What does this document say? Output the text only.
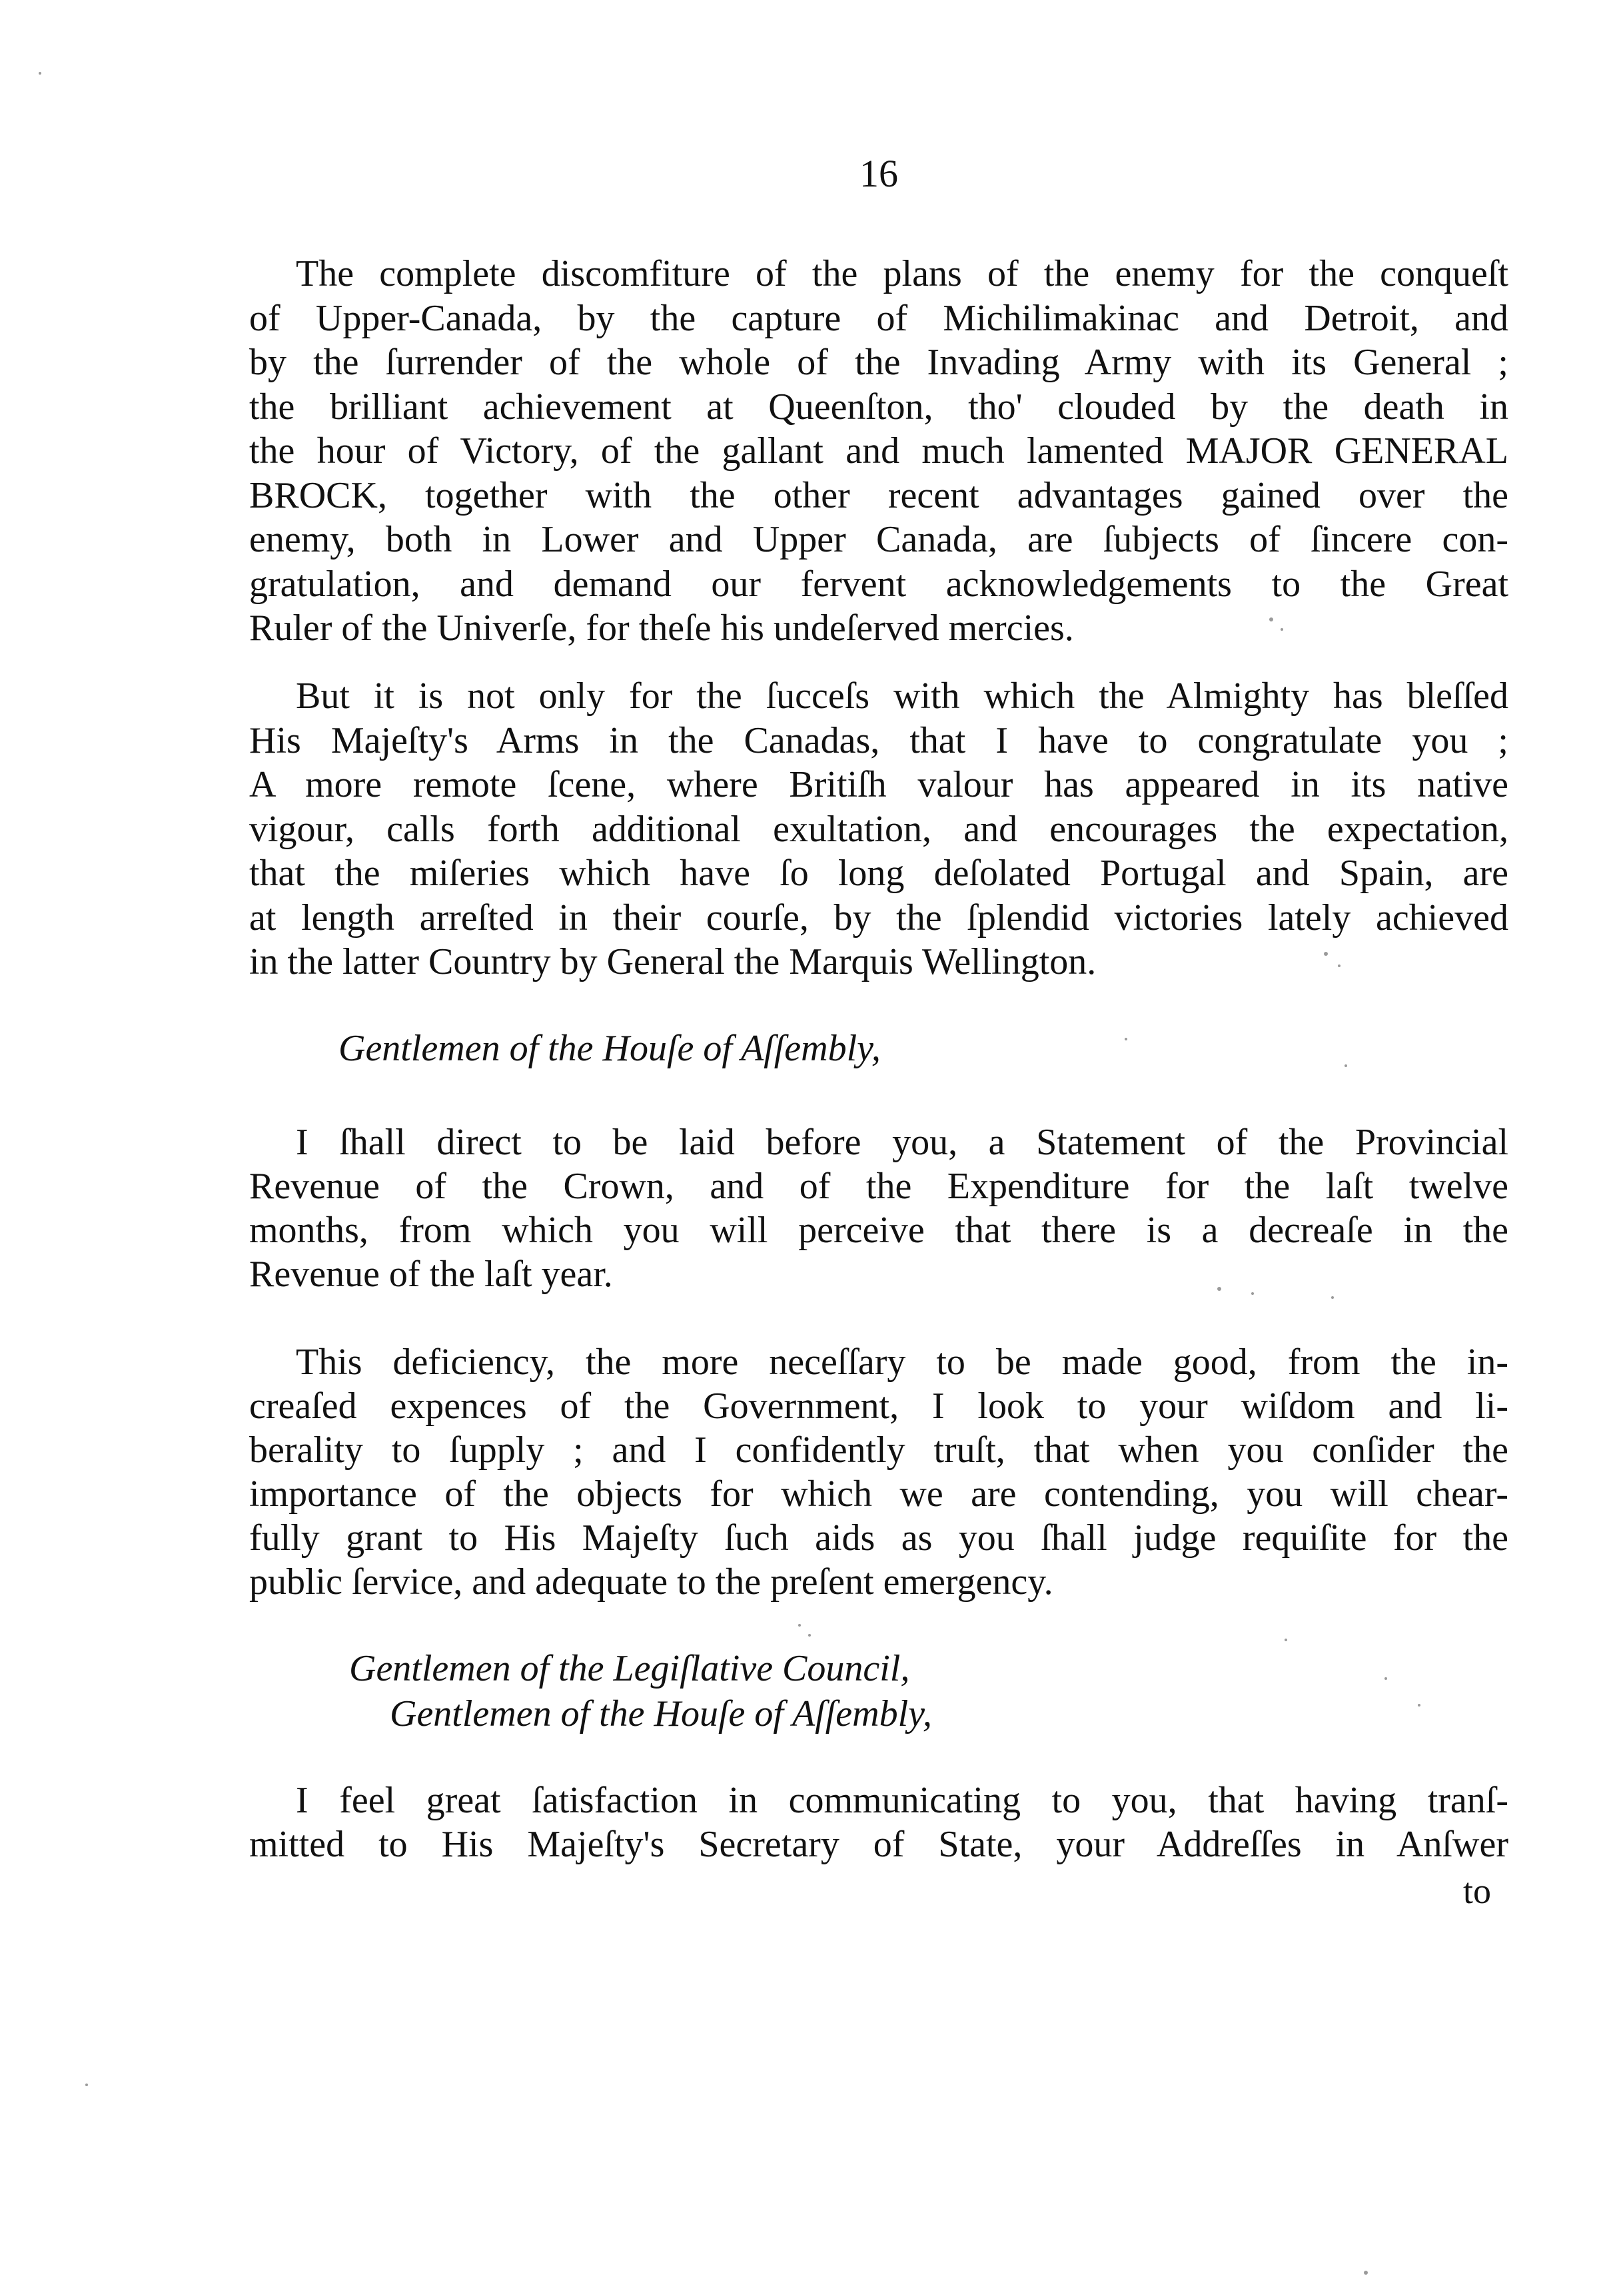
16
The complete discomfiture of the plans of the enemy for the conqueſt
of Upper-Canada, by the capture of Michilimakinac and Detroit, and
by the ſurrender of the whole of the Invading Army with its General ;
the brilliant achievement at Queenſton, tho' clouded by the death in
the hour of Victory, of the gallant and much lamented MAJOR GENERAL
BROCK, together with the other recent advantages gained over the
enemy, both in Lower and Upper Canada, are ſubjects of ſincere con-
gratulation, and demand our fervent acknowledgements to the Great
Ruler of the Univerſe, for theſe his undeſerved mercies.
But it is not only for the ſucceſs with which the Almighty has bleſſed
His Majeſty's Arms in the Canadas, that I have to congratulate you ;
A more remote ſcene, where Britiſh valour has appeared in its native
vigour, calls forth additional exultation, and encourages the expectation,
that the miſeries which have ſo long deſolated Portugal and Spain, are
at length arreſted in their courſe, by the ſplendid victories lately achieved
in the latter Country by General the Marquis Wellington.
Gentlemen of the Houſe of Aſſembly,
I ſhall direct to be laid before you, a Statement of the Provincial
Revenue of the Crown, and of the Expenditure for the laſt twelve
months, from which you will perceive that there is a decreaſe in the
Revenue of the laſt year.
This deficiency, the more neceſſary to be made good, from the in-
creaſed expences of the Government, I look to your wiſdom and li-
berality to ſupply ; and I confidently truſt, that when you conſider the
importance of the objects for which we are contending, you will chear-
fully grant to His Majeſty ſuch aids as you ſhall judge requiſite for the
public ſervice, and adequate to the preſent emergency.
Gentlemen of the Legiſlative Council,
Gentlemen of the Houſe of Aſſembly,
I feel great ſatisfaction in communicating to you, that having tranſ-
mitted to His Majeſty's Secretary of State, your Addreſſes in Anſwer
to
